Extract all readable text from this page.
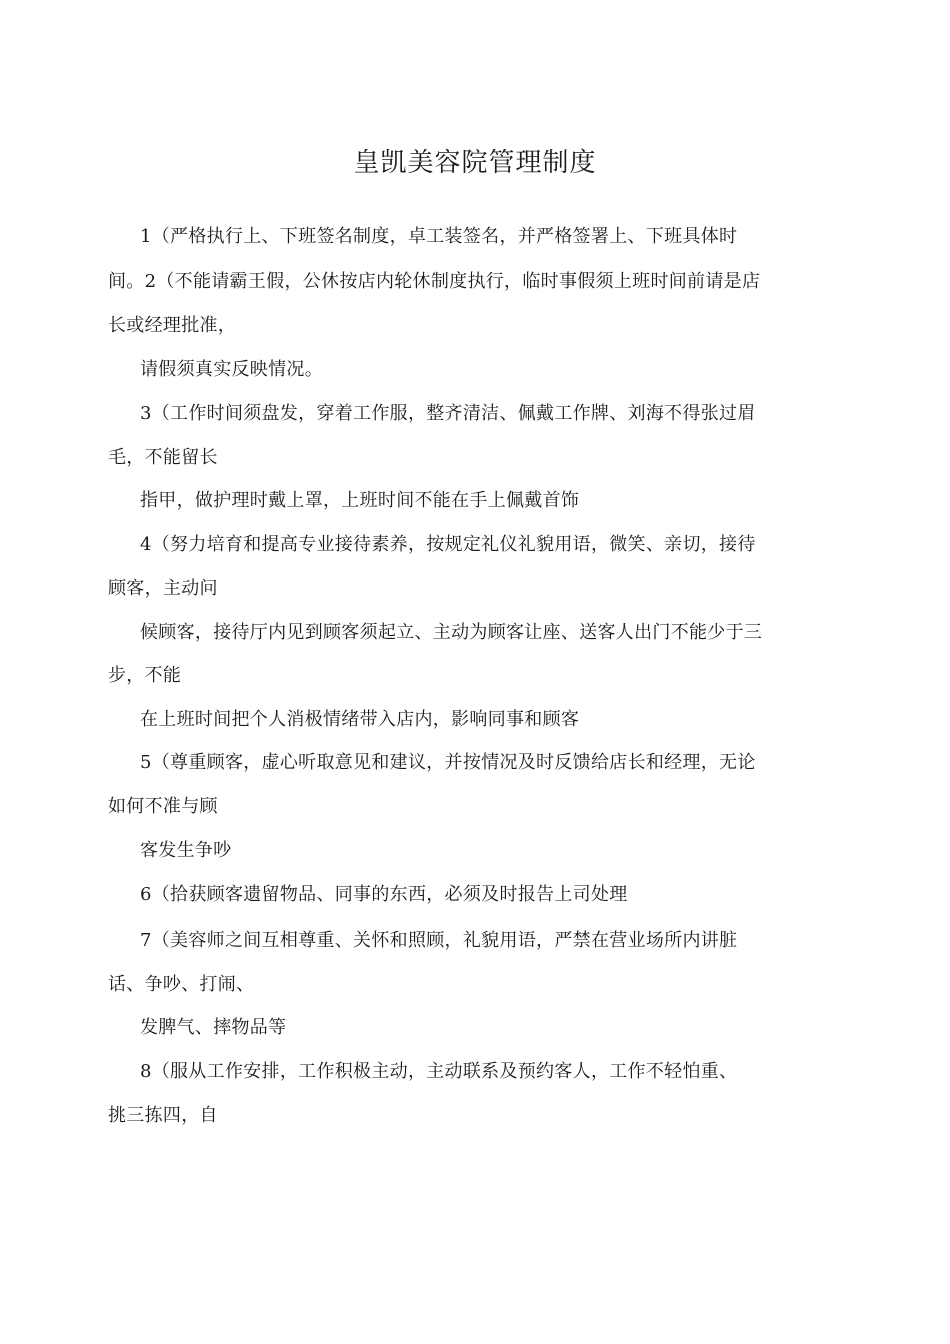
皇凯美容院管理制度
1（严格执行上、下班签名制度，卓工装签名，并严格签署上、下班具体时
间。2（不能请霸王假，公休按店内轮休制度执行，临时事假须上班时间前请是店
长或经理批准，
请假须真实反映情况。
3（工作时间须盘发，穿着工作服，整齐清洁、佩戴工作牌、刘海不得张过眉
毛，不能留长
指甲，做护理时戴上罩，上班时间不能在手上佩戴首饰
4（努力培育和提高专业接待素养，按规定礼仪礼貌用语，微笑、亲切，接待
顾客，主动问
候顾客，接待厅内见到顾客须起立、主动为顾客让座、送客人出门不能少于三
步，不能
在上班时间把个人消极情绪带入店内，影响同事和顾客
5（尊重顾客，虚心听取意见和建议，并按情况及时反馈给店长和经理，无论
如何不准与顾
客发生争吵
6（拾获顾客遗留物品、同事的东西，必须及时报告上司处理
7（美容师之间互相尊重、关怀和照顾，礼貌用语，严禁在营业场所内讲脏
话、争吵、打闹、
发脾气、摔物品等
8（服从工作安排，工作积极主动，主动联系及预约客人，工作不轻怕重、
挑三拣四，自
